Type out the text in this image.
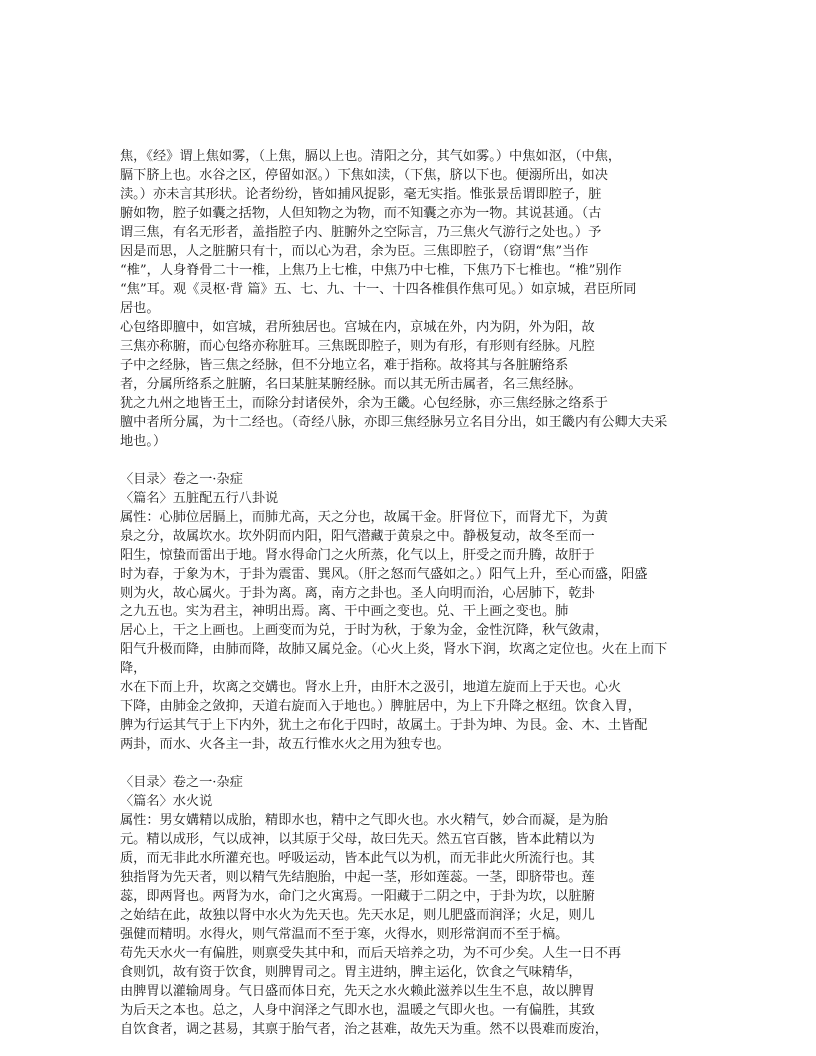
焦，《经》谓上焦如雾，（上焦，膈以上也。清阳之分，其气如雾。）中焦如沤，（中焦，
膈下脐上也。水谷之区，停留如沤。）下焦如渎，（下焦，脐以下也。便溺所出，如决
渎。）亦未言其形状。论者纷纷，皆如捕风捉影，毫无实指。惟张景岳谓即腔子，脏
腑如物，腔子如囊之括物，人但知物之为物，而不知囊之亦为一物。其说甚通。（古
谓三焦，有名无形者，盖指腔子内、脏腑外之空际言，乃三焦火气游行之处也。）予
因是而思，人之脏腑只有十，而以心为君，余为臣。三焦即腔子，（窃谓“焦”当作
“椎”，人身脊骨二十一椎，上焦乃上七椎，中焦乃中七椎，下焦乃下七椎也。“椎”别作
“焦”耳。观《灵枢·背 篇》五、七、九、十一、十四各椎俱作焦可见。）如京城，君臣所同
居也。
心包络即膻中，如宫城，君所独居也。宫城在内，京城在外，内为阴，外为阳，故
三焦亦称腑，而心包络亦称脏耳。三焦既即腔子，则为有形，有形则有经脉。凡腔
子中之经脉，皆三焦之经脉，但不分地立名，难于指称。故将其与各脏腑络系
者，分属所络系之脏腑，名曰某脏某腑经脉。而以其无所击属者，名三焦经脉。
犹之九州之地皆王土，而除分封诸侯外，余为王畿。心包经脉，亦三焦经脉之络系于
膻中者所分属，为十二经也。（奇经八脉，亦即三焦经脉另立名目分出，如王畿内有公卿大夫采
地也。）
〈目录〉卷之一·杂症
〈篇名〉五脏配五行八卦说
属性：心肺位居膈上，而肺尤高，天之分也，故属干金。肝肾位下，而肾尤下，为黄
泉之分，故属坎水。坎外阴而内阳，阳气潜藏于黄泉之中。静极复动，故冬至而一
阳生，惊蛰而雷出于地。肾水得命门之火所蒸，化气以上，肝受之而升腾，故肝于
时为春，于象为木，于卦为震雷、巽风。（肝之怒而气盛如之。）阳气上升，至心而盛，阳盛
则为火，故心属火。于卦为离。离，南方之卦也。圣人向明而治，心居肺下，乾卦
之九五也。实为君主，神明出焉。离、干中画之变也。兑、干上画之变也。肺
居心上，干之上画也。上画变而为兑，于时为秋，于象为金，金性沉降，秋气敛肃，
阳气升极而降，由肺而降，故肺又属兑金。（心火上炎，肾水下润，坎离之定位也。火在上而下
降，
水在下而上升，坎离之交媾也。肾水上升，由肝木之汲引，地道左旋而上于天也。心火
下降，由肺金之敛抑，天道右旋而入于地也。）脾脏居中，为上下升降之枢纽。饮食入胃，
脾为行运其气于上下内外，犹土之布化于四时，故属土。于卦为坤、为艮。金、木、土皆配
两卦，而水、火各主一卦，故五行惟水火之用为独专也。
〈目录〉卷之一·杂症
〈篇名〉水火说
属性：男女媾精以成胎，精即水也，精中之气即火也。水火精气，妙合而凝，是为胎
元。精以成形，气以成神，以其原于父母，故曰先天。然五官百骸，皆本此精以为
质，而无非此水所灌充也。呼吸运动，皆本此气以为机，而无非此火所流行也。其
独指肾为先天者，则以精气先结胞胎，中起一茎，形如莲蕊。一茎，即脐带也。莲
蕊，即两肾也。两肾为水，命门之火寓焉。一阳藏于二阴之中，于卦为坎，以脏腑
之始结在此，故独以肾中水火为先天也。先天水足，则儿肥盛而润泽；火足，则儿
强健而精明。水得火，则气常温而不至于寒，火得水，则形常润而不至于槁。
苟先天水火一有偏胜，则禀受失其中和，而后天培养之功，为不可少矣。人生一日不再
食则饥，故有资于饮食，则脾胃司之。胃主进纳，脾主运化，饮食之气味精华，
由脾胃以灌输周身。气日盛而体日充，先天之水火赖此滋养以生生不息，故以脾胃
为后天之本也。总之，人身中润泽之气即水也，温暖之气即火也。一有偏胜，其致
自饮食者，调之甚易，其禀于胎气者，治之甚难，故先天为重。然不以畏难而废治，
